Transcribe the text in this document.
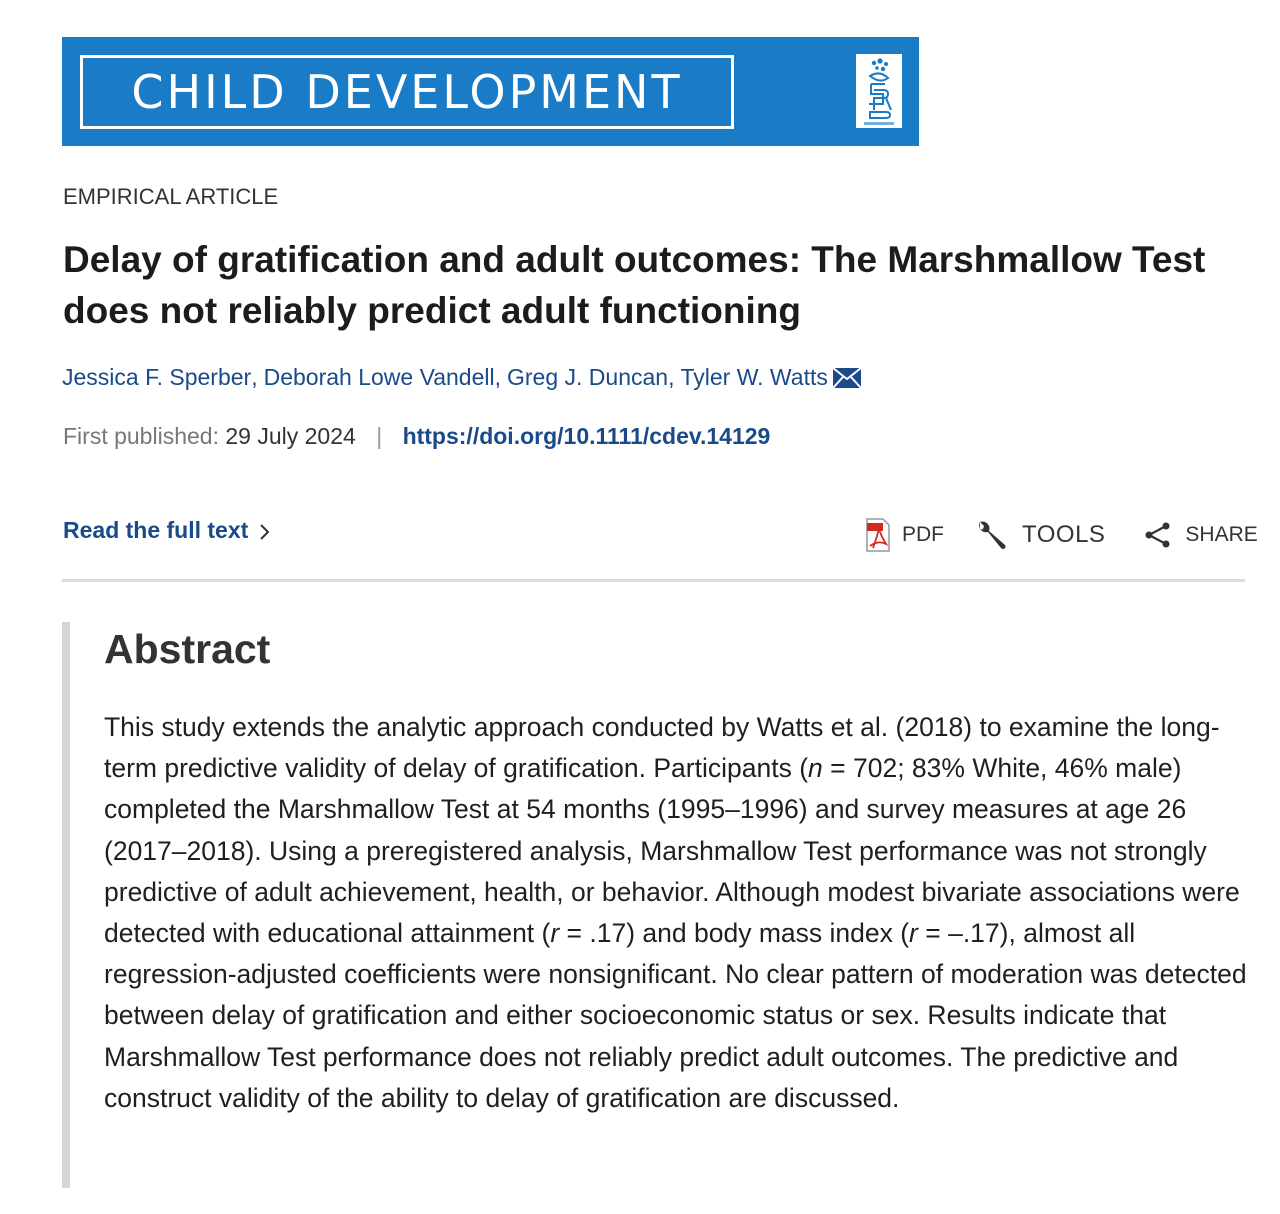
CHILD DEVELOPMENT
EMPIRICAL ARTICLE
Delay of gratification and adult outcomes: The Marshmallow Test does not reliably predict adult functioning
Jessica F. Sperber , Deborah Lowe Vandell , Greg J. Duncan , Tyler W. Watts
First published: 29 July 2024 | https://doi.org/10.1111/cdev.14129
Read the full text	PDF	TOOLS	SHARE
Abstract

This study extends the analytic approach conducted by Watts et al. (2018) to examine the long-term predictive validity of delay of gratification. Participants (n = 702; 83% White, 46% male) completed the Marshmallow Test at 54 months (1995–1996) and survey measures at age 26 (2017–2018). Using a preregistered analysis, Marshmallow Test performance was not strongly predictive of adult achievement, health, or behavior. Although modest bivariate associations were detected with educational attainment (r = .17) and body mass index (r = –.17), almost all regression-adjusted coefficients were nonsignificant. No clear pattern of moderation was detected between delay of gratification and either socioeconomic status or sex. Results indicate that Marshmallow Test performance does not reliably predict adult outcomes. The predictive and construct validity of the ability to delay of gratification are discussed.
